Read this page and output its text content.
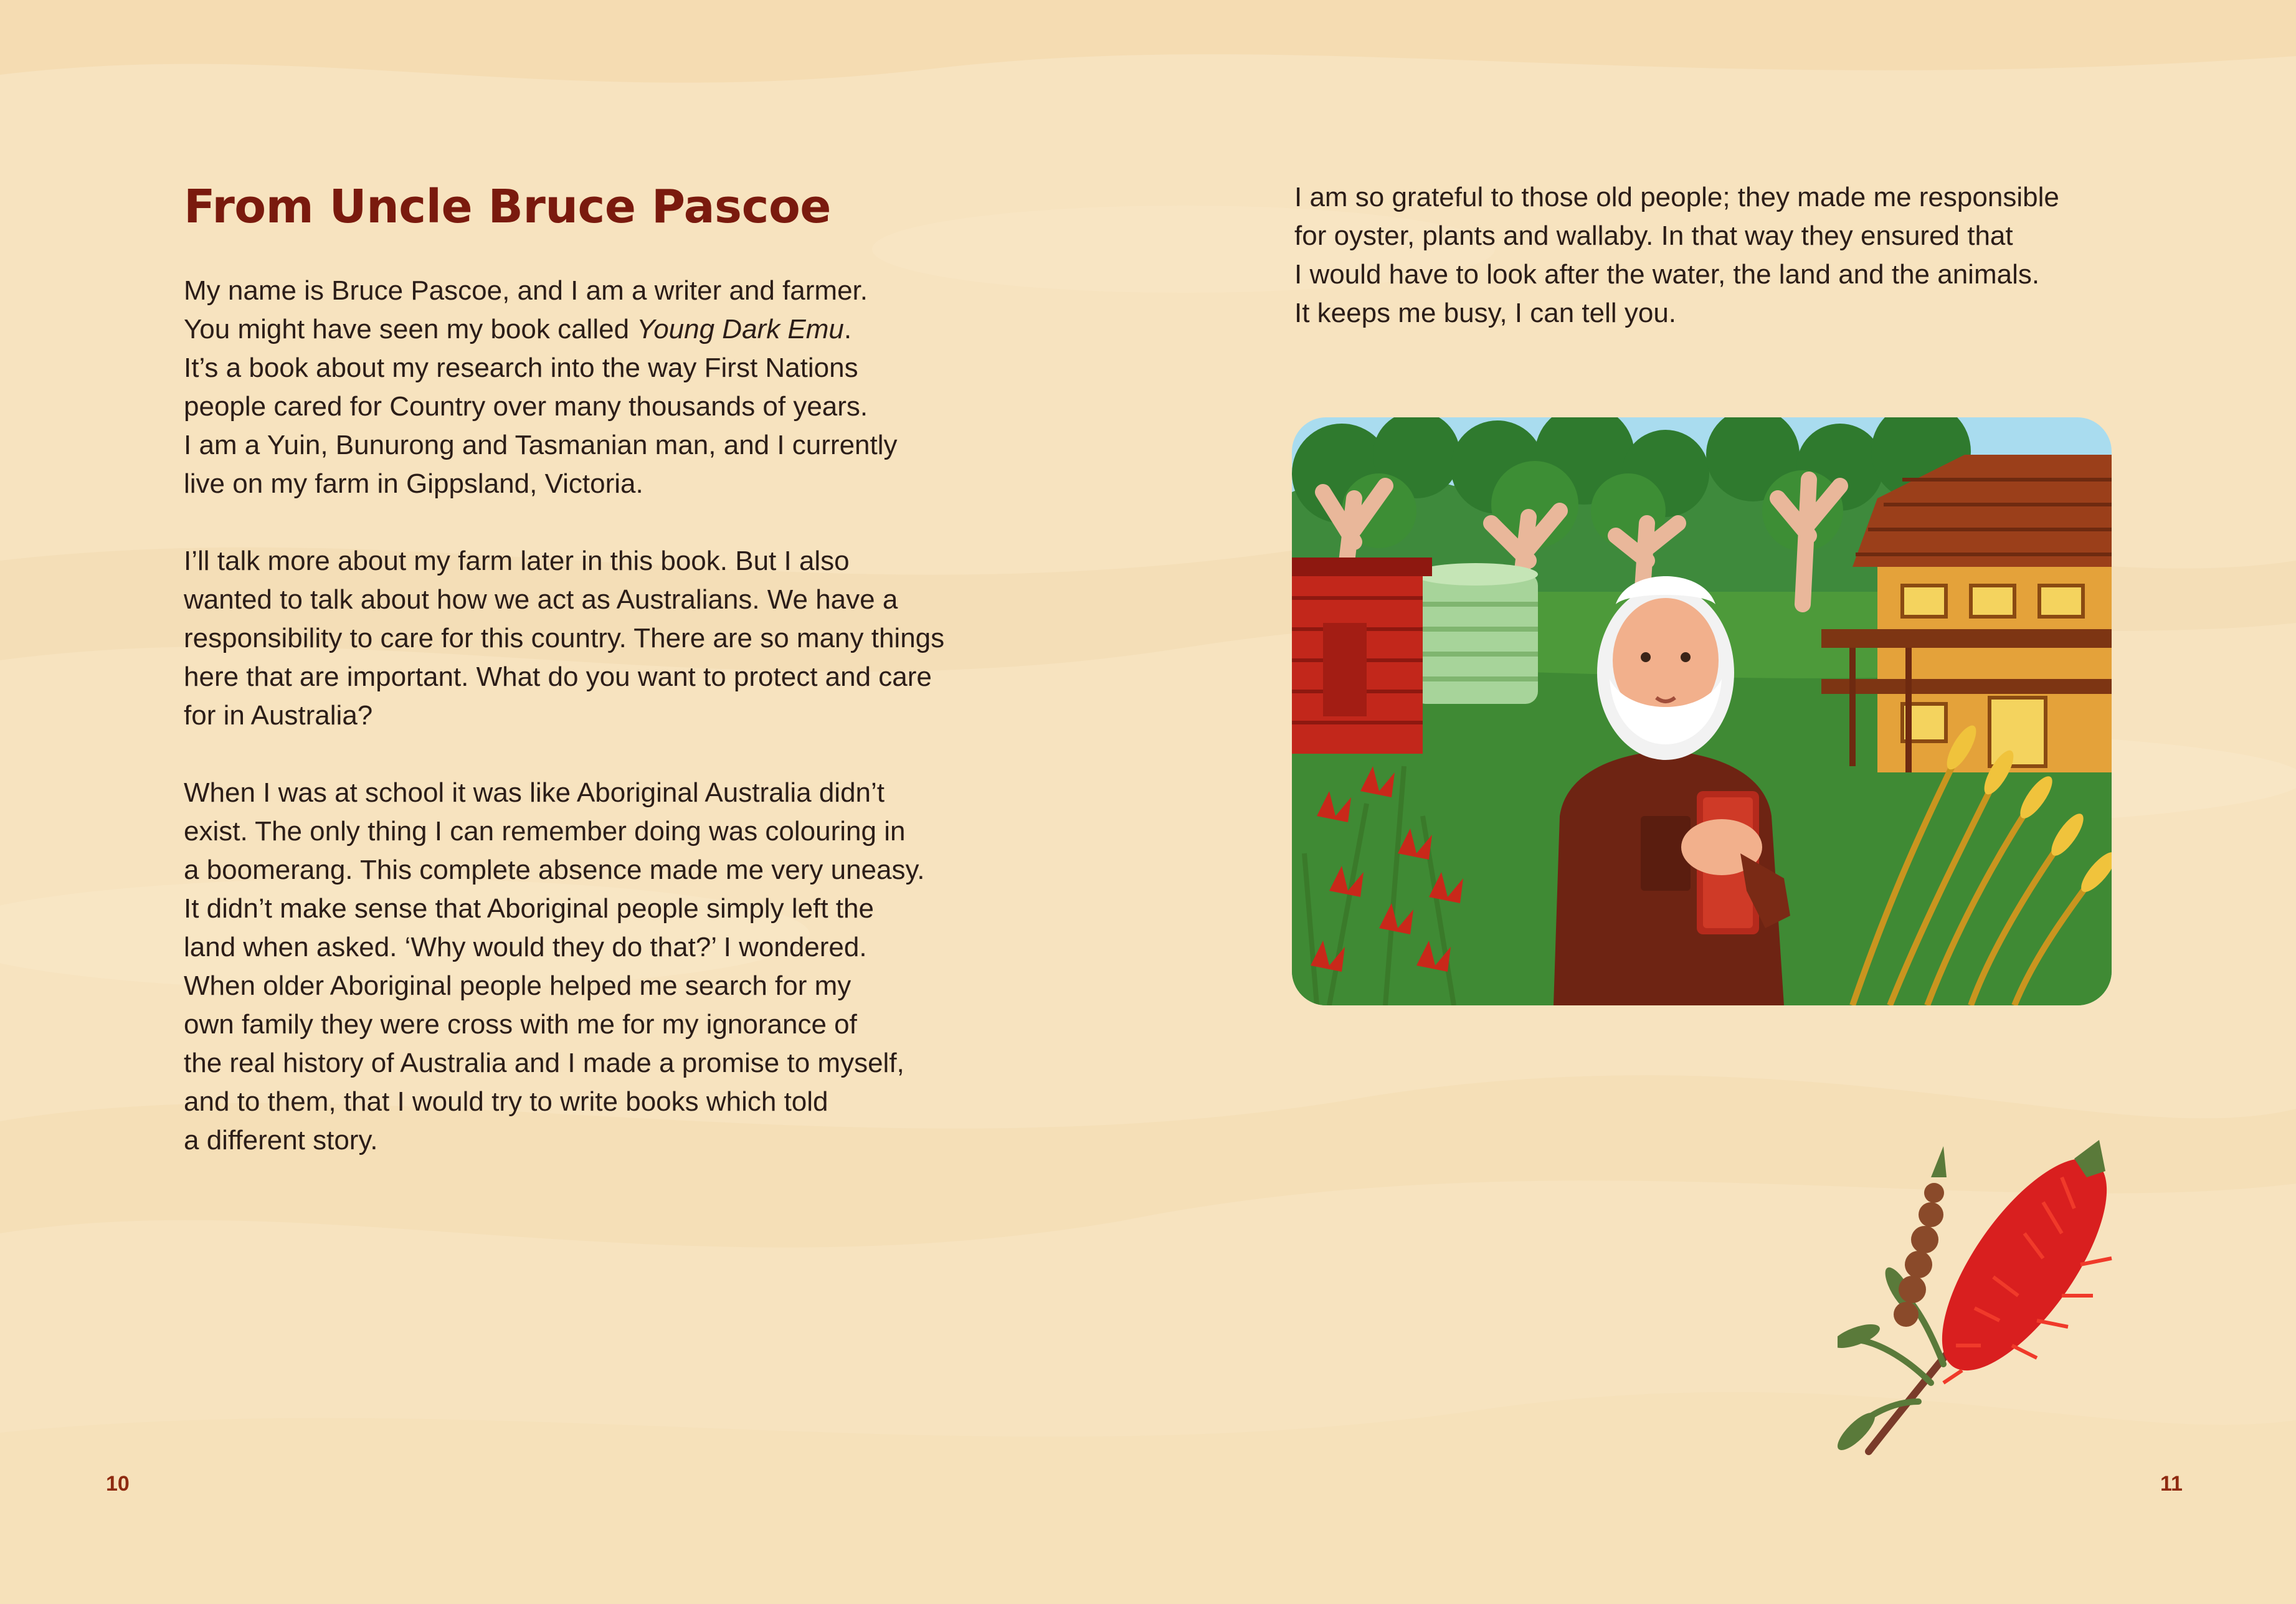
From Uncle Bruce Pascoe

My name is Bruce Pascoe, and I am a writer and farmer.
You might have seen my book called Young Dark Emu.
It’s a book about my research into the way First Nations
people cared for Country over many thousands of years.
I am a Yuin, Bunurong and Tasmanian man, and I currently
live on my farm in Gippsland, Victoria.

I’ll talk more about my farm later in this book. But I also
wanted to talk about how we act as Australians. We have a
responsibility to care for this country. There are so many things
here that are important. What do you want to protect and care
for in Australia?

When I was at school it was like Aboriginal Australia didn’t
exist. The only thing I can remember doing was colouring in
a boomerang. This complete absence made me very uneasy.
It didn’t make sense that Aboriginal people simply left the
land when asked. ‘Why would they do that?’ I wondered.
When older Aboriginal people helped me search for my
own family they were cross with me for my ignorance of
the real history of Australia and I made a promise to myself,
and to them, that I would try to write books which told
a different story.

I am so grateful to those old people; they made me responsible
for oyster, plants and wallaby. In that way they ensured that
I would have to look after the water, the land and the animals.
It keeps me busy, I can tell you.

10	11
